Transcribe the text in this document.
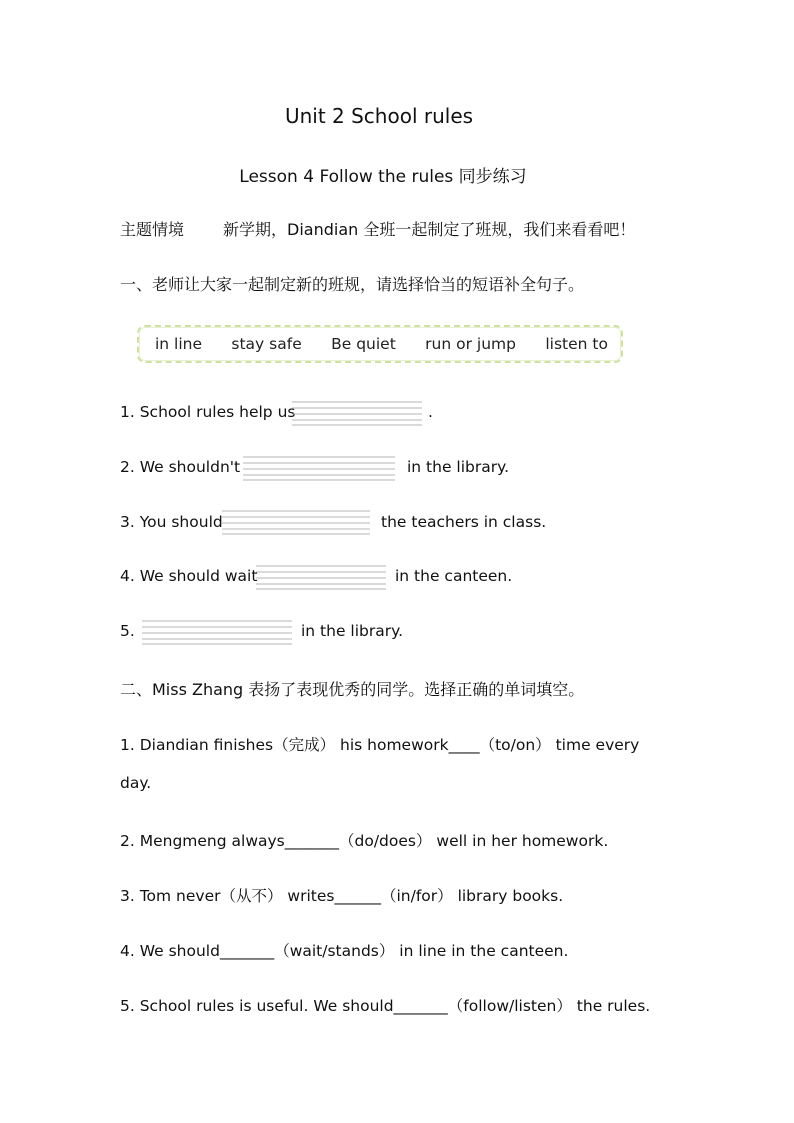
Unit 2 School rules
Lesson 4 Follow the rules 同步练习
主题情境 新学期，Diandian 全班一起制定了班规，我们来看看吧！
一、老师让大家一起制定新的班规，请选择恰当的短语补全句子。
in line stay safe Be quiet run or jump listen to
1. School rules help us	.
2. We shouldn't	in the library.
3. You should	the teachers in class.
4. We should wait	in the canteen.
5.	in the library.
二、Miss Zhang 表扬了表现优秀的同学。选择正确的单词填空。
1. Diandian finishes（完成） his homework____（to/on） time every
day.
2. Mengmeng always_______（do/does） well in her homework.
3. Tom never（从不） writes______（in/for） library books.
4. We should_______（wait/stands） in line in the canteen.
5. School rules is useful. We should_______（follow/listen） the rules.
